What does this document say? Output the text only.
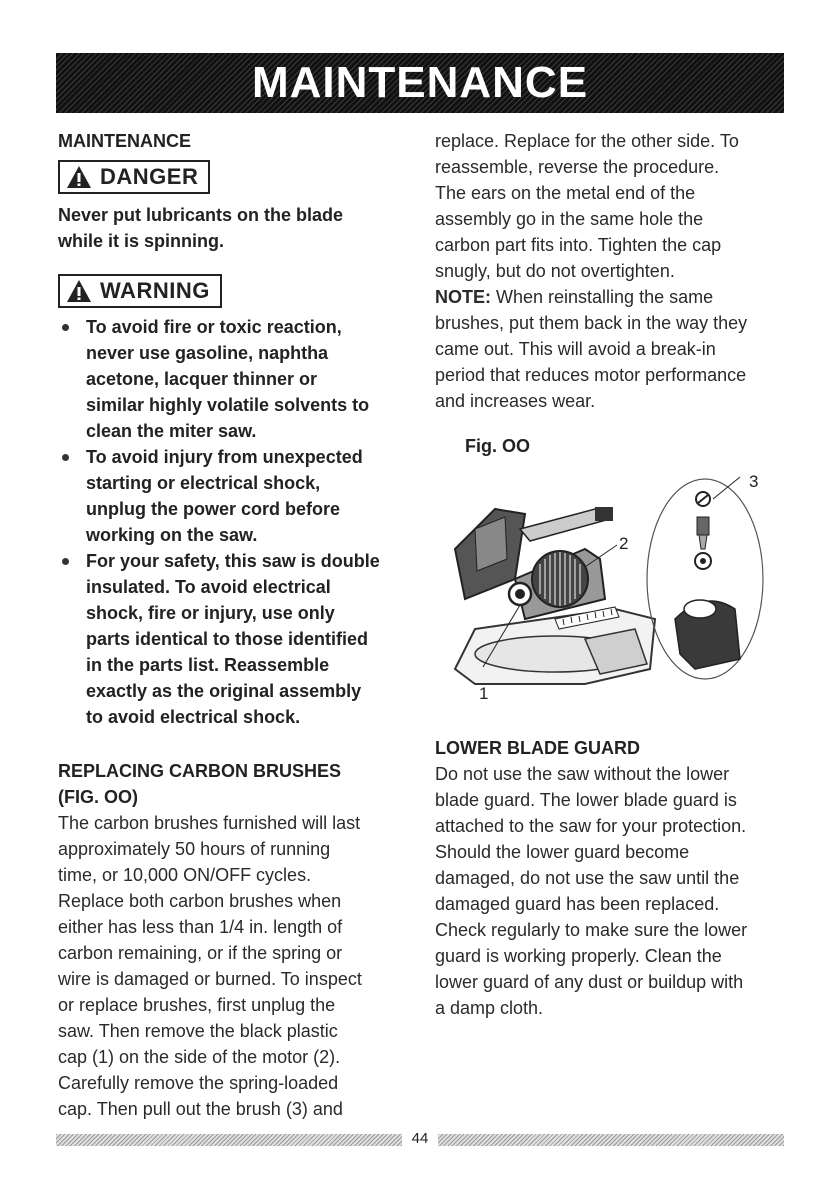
MAINTENANCE
MAINTENANCE
DANGER
Never put lubricants on the blade
while it is spinning.
WARNING
To avoid fire or toxic reaction,
never use gasoline, naphtha
acetone, lacquer thinner or
similar highly volatile solvents to
clean the miter saw.
To avoid injury from unexpected
starting or electrical shock,
unplug the power cord before
working on the saw.
For your safety, this saw is double
insulated. To avoid electrical
shock, fire or injury, use only
parts identical to those identified
in the parts list. Reassemble
exactly as the original assembly
to avoid electrical shock.
REPLACING CARBON BRUSHES
(FIG. OO)
The carbon brushes furnished will last
approximately 50 hours of running
time, or 10,000 ON/OFF cycles.
Replace both carbon brushes when
either has less than 1/4 in. length of
carbon remaining, or if the spring or
wire is damaged or burned. To inspect
or replace brushes, first unplug the
saw. Then remove the black plastic
cap (1) on the side of the motor (2).
Carefully remove the spring-loaded
cap. Then pull out the brush (3) and
replace. Replace for the other side. To
reassemble, reverse the procedure.
The ears on the metal end of the
assembly go in the same hole the
carbon part fits into. Tighten the cap
snugly, but do not overtighten.
NOTE: When reinstalling the same
brushes, put them back in the way they
came out. This will avoid a break-in
period that reduces motor performance
and increases wear.
Fig. OO
1
2
3
LOWER BLADE GUARD
Do not use the saw without the lower
blade guard. The lower blade guard is
attached to the saw for your protection.
Should the lower guard become
damaged, do not use the saw until the
damaged guard has been replaced.
Check regularly to make sure the lower
guard is working properly. Clean the
lower guard of any dust or buildup with
a damp cloth.
44
